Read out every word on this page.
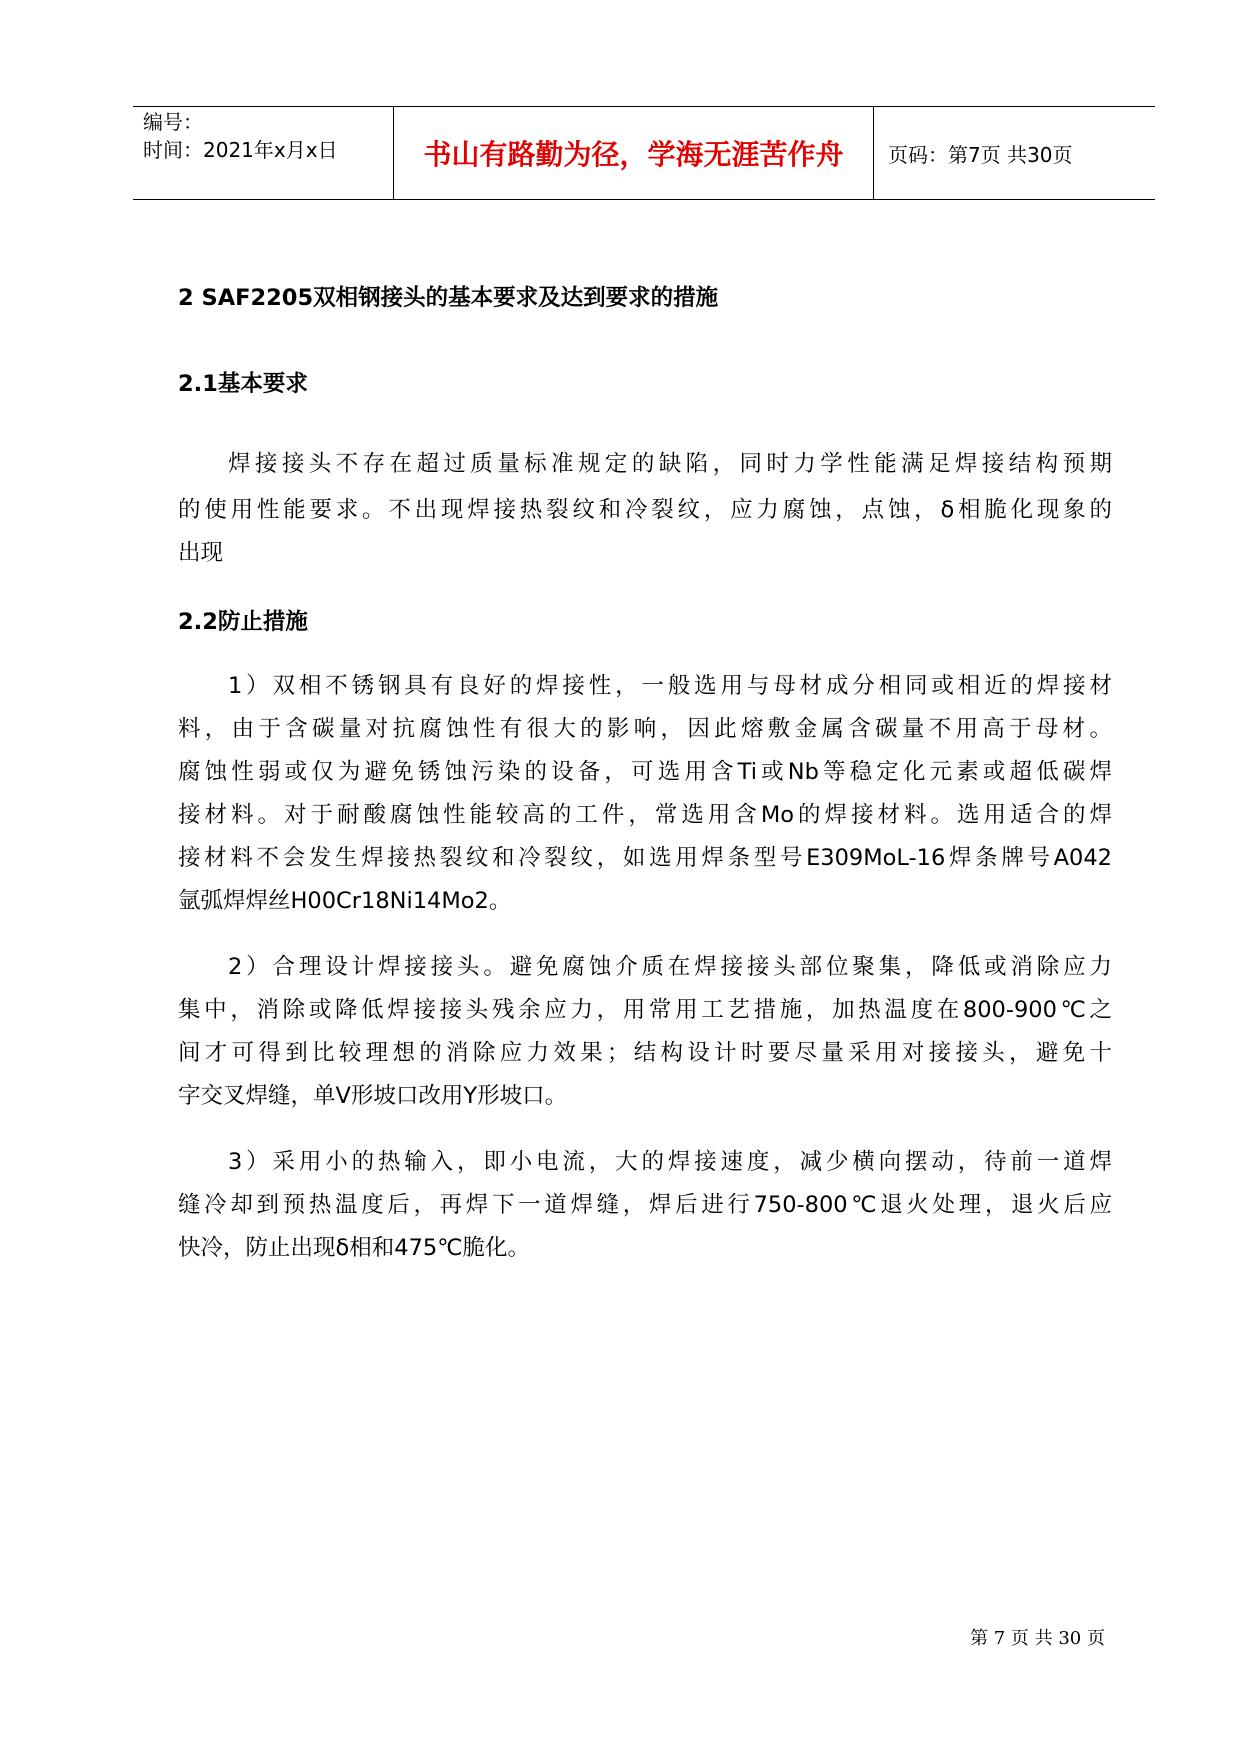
编号：
时间：2021年x月x日	书山有路勤为径，学海无涯苦作舟 页码：第7页 共30页
2 SAF2205双相钢接头的基本要求及达到要求的措施
2.1基本要求
焊接接头不存在超过质量标准规定的缺陷，同时力学性能满足焊接结构预期
的使用性能要求。不出现焊接热裂纹和冷裂纹，应力腐蚀，点蚀，δ相脆化现象的
出现
2.2防止措施
1）双相不锈钢具有良好的焊接性，一般选用与母材成分相同或相近的焊接材
料，由于含碳量对抗腐蚀性有很大的影响，因此熔敷金属含碳量不用高于母材。
腐蚀性弱或仅为避免锈蚀污染的设备，可选用含Ti或Nb等稳定化元素或超低碳焊
接材料。对于耐酸腐蚀性能较高的工件，常选用含Mo的焊接材料。选用适合的焊
接材料不会发生焊接热裂纹和冷裂纹，如选用焊条型号E309MoL-16焊条牌号A042
氩弧焊焊丝H00Cr18Ni14Mo2。
2）合理设计焊接接头。避免腐蚀介质在焊接接头部位聚集，降低或消除应力
集中，消除或降低焊接接头残余应力，用常用工艺措施，加热温度在800-900℃之
间才可得到比较理想的消除应力效果；结构设计时要尽量采用对接接头，避免十
字交叉焊缝，单V形坡口改用Y形坡口。
3）采用小的热输入，即小电流，大的焊接速度，减少横向摆动，待前一道焊
缝冷却到预热温度后，再焊下一道焊缝，焊后进行750-800℃退火处理，退火后应
快冷，防止出现δ相和475℃脆化。
第 7 页 共 30 页
